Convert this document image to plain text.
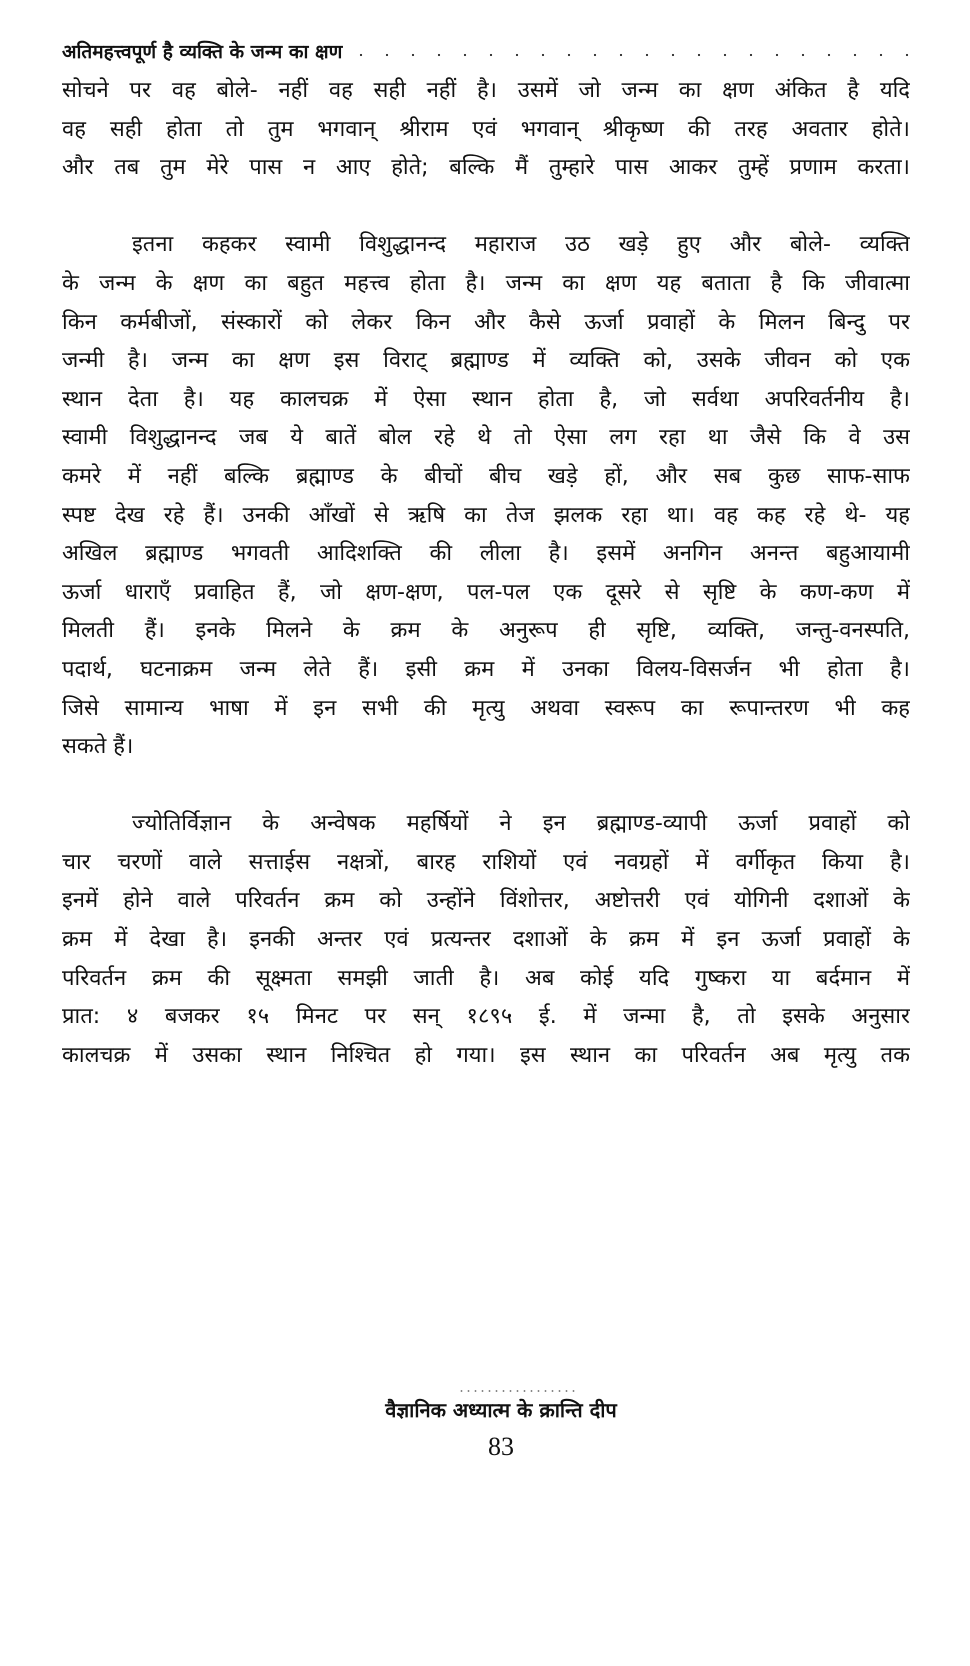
अतिमहत्त्वपूर्ण है व्यक्ति के जन्म का क्षण
सोचने पर वह बोले- नहीं वह सही नहीं है। उसमें जो जन्म का क्षण अंकित है यदि
वह सही होता तो तुम भगवान् श्रीराम एवं भगवान् श्रीकृष्ण की तरह अवतार होते।
और तब तुम मेरे पास न आए होते; बल्कि मैं तुम्हारे पास आकर तुम्हें प्रणाम करता।
इतना कहकर स्वामी विशुद्धानन्द महाराज उठ खड़े हुए और बोले- व्यक्ति
के जन्म के क्षण का बहुत महत्त्व होता है। जन्म का क्षण यह बताता है कि जीवात्मा
किन कर्मबीजों, संस्कारों को लेकर किन और कैसे ऊर्जा प्रवाहों के मिलन बिन्दु पर
जन्मी है। जन्म का क्षण इस विराट् ब्रह्माण्ड में व्यक्ति को, उसके जीवन को एक
स्थान देता है। यह कालचक्र में ऐसा स्थान होता है, जो सर्वथा अपरिवर्तनीय है।
स्वामी विशुद्धानन्द जब ये बातें बोल रहे थे तो ऐसा लग रहा था जैसे कि वे उस
कमरे में नहीं बल्कि ब्रह्माण्ड के बीचों बीच खड़े हों, और सब कुछ साफ-साफ
स्पष्ट देख रहे हैं। उनकी आँखों से ऋषि का तेज झलक रहा था। वह कह रहे थे- यह
अखिल ब्रह्माण्ड भगवती आदिशक्ति की लीला है। इसमें अनगिन अनन्त बहुआयामी
ऊर्जा धाराएँ प्रवाहित हैं, जो क्षण-क्षण, पल-पल एक दूसरे से सृष्टि के कण-कण में
मिलती हैं। इनके मिलने के क्रम के अनुरूप ही सृष्टि, व्यक्ति, जन्तु-वनस्पति,
पदार्थ, घटनाक्रम जन्म लेते हैं। इसी क्रम में उनका विलय-विसर्जन भी होता है।
जिसे सामान्य भाषा में इन सभी की मृत्यु अथवा स्वरूप का रूपान्तरण भी कह
सकते हैं।
ज्योतिर्विज्ञान के अन्वेषक महर्षियों ने इन ब्रह्माण्ड-व्यापी ऊर्जा प्रवाहों को
चार चरणों वाले सत्ताईस नक्षत्रों, बारह राशियों एवं नवग्रहों में वर्गीकृत किया है।
इनमें होने वाले परिवर्तन क्रम को उन्होंने विंशोत्तर, अष्टोत्तरी एवं योगिनी दशाओं के
क्रम में देखा है। इनकी अन्तर एवं प्रत्यन्तर दशाओं के क्रम में इन ऊर्जा प्रवाहों के
परिवर्तन क्रम की सूक्ष्मता समझी जाती है। अब कोई यदि गुष्करा या बर्दमान में
प्रात: ४ बजकर १५ मिनट पर सन् १८९५ ई. में जन्मा है, तो इसके अनुसार
कालचक्र में उसका स्थान निश्चित हो गया। इस स्थान का परिवर्तन अब मृत्यु तक
वैज्ञानिक अध्यात्म के क्रान्ति दीप
83
